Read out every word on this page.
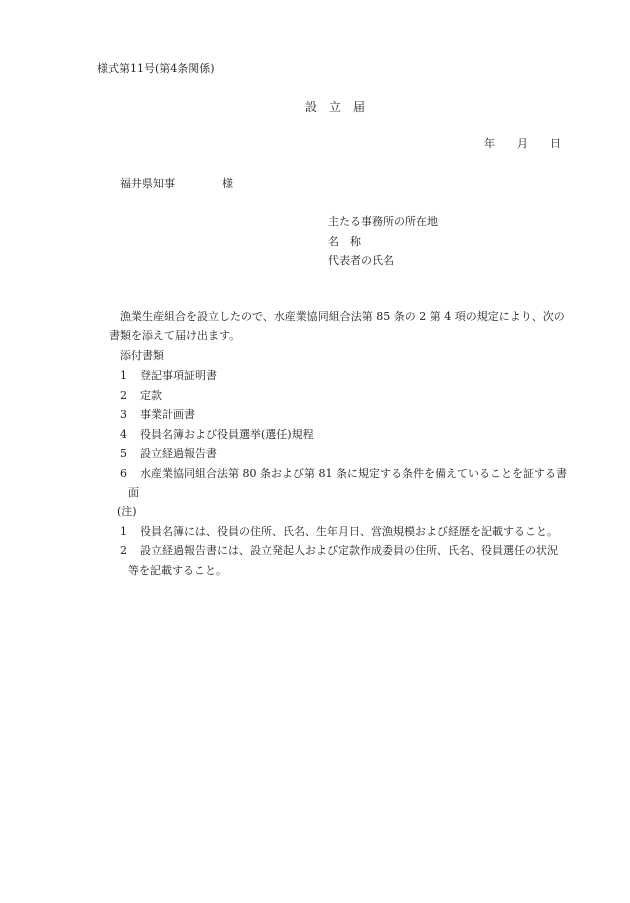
様式第11号(第4条関係)
設　立　届
年　　月　　日
福井県知事	様
主たる事務所の所在地
名　称
代表者の氏名
漁業生産組合を設立したので、水産業協同組合法第 85 条の 2 第 4 項の規定により、次の
書類を添えて届け出ます。
添付書類
1 登記事項証明書
2 定款
3 事業計画書
4 役員名簿および役員選挙(選任)規程
5 設立経過報告書
6 水産業協同組合法第 80 条および第 81 条に規定する条件を備えていることを証する書
面
(注)
1 役員名簿には、役員の住所、氏名、生年月日、営漁規模および経歴を記載すること。
2 設立経過報告書には、設立発起人および定款作成委員の住所、氏名、役員選任の状況
等を記載すること。
